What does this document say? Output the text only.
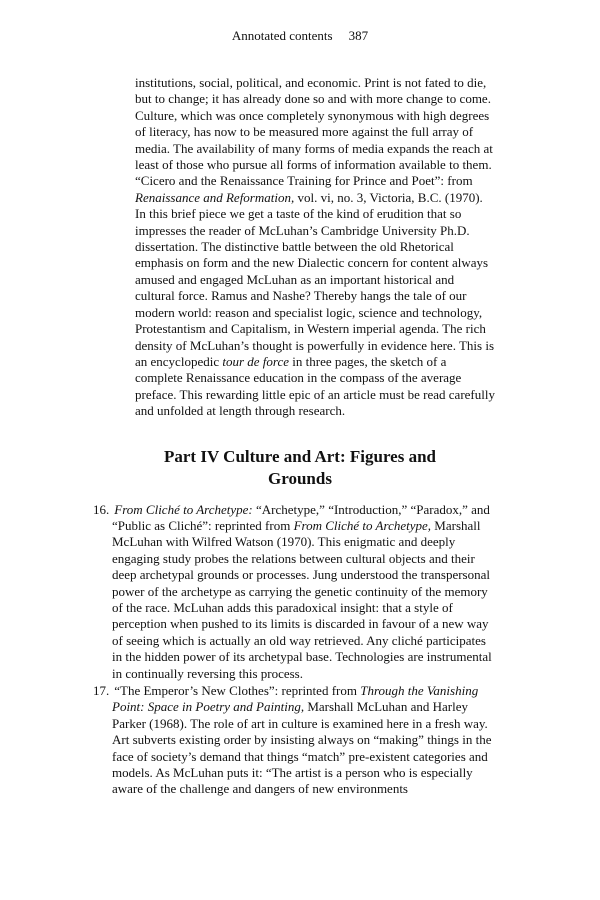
Annotated contents 387

institutions, social, political, and economic. Print is not fated to die, but to change; it has already done so and with more change to come. Culture, which was once completely synonymous with high degrees of literacy, has now to be measured more against the full array of media. The availability of many forms of media expands the reach at least of those who pursue all forms of information available to them.

“Cicero and the Renaissance Training for Prince and Poet”: from Renaissance and Reformation, vol. vi, no. 3, Victoria, B.C. (1970). In this brief piece we get a taste of the kind of erudition that so impresses the reader of McLuhan’s Cambridge University Ph.D. dissertation. The distinctive battle between the old Rhetorical emphasis on form and the new Dialectic concern for content always amused and engaged McLuhan as an important historical and cultural force. Ramus and Nashe? Thereby hangs the tale of our modern world: reason and specialist logic, science and technology, Protestantism and Capitalism, in Western imperial agenda. The rich density of McLuhan’s thought is powerfully in evidence here. This is an encyclopedic tour de force in three pages, the sketch of a complete Renaissance education in the compass of the average preface. This rewarding little epic of an article must be read carefully and unfolded at length through research.

Part IV Culture and Art: Figures and Grounds
16. From Cliché to Archetype: “Archetype,” “Introduction,” “Paradox,” and “Public as Cliché”: reprinted from From Cliché to Archetype, Marshall McLuhan with Wilfred Watson (1970). This enigmatic and deeply engaging study probes the relations between cultural objects and their deep archetypal grounds or processes. Jung understood the transpersonal power of the archetype as carrying the genetic continuity of the memory of the race. McLuhan adds this paradoxical insight: that a style of perception when pushed to its limits is discarded in favour of a new way of seeing which is actually an old way retrieved. Any cliché participates in the hidden power of its archetypal base. Technologies are instrumental in continually reversing this process.
17. “The Emperor’s New Clothes”: reprinted from Through the Vanishing Point: Space in Poetry and Painting, Marshall McLuhan and Harley Parker (1968). The role of art in culture is examined here in a fresh way. Art subverts existing order by insisting always on “making” things in the face of society’s demand that things “match” pre-existent categories and models. As McLuhan puts it: “The artist is a person who is especially aware of the challenge and dangers of new environments
